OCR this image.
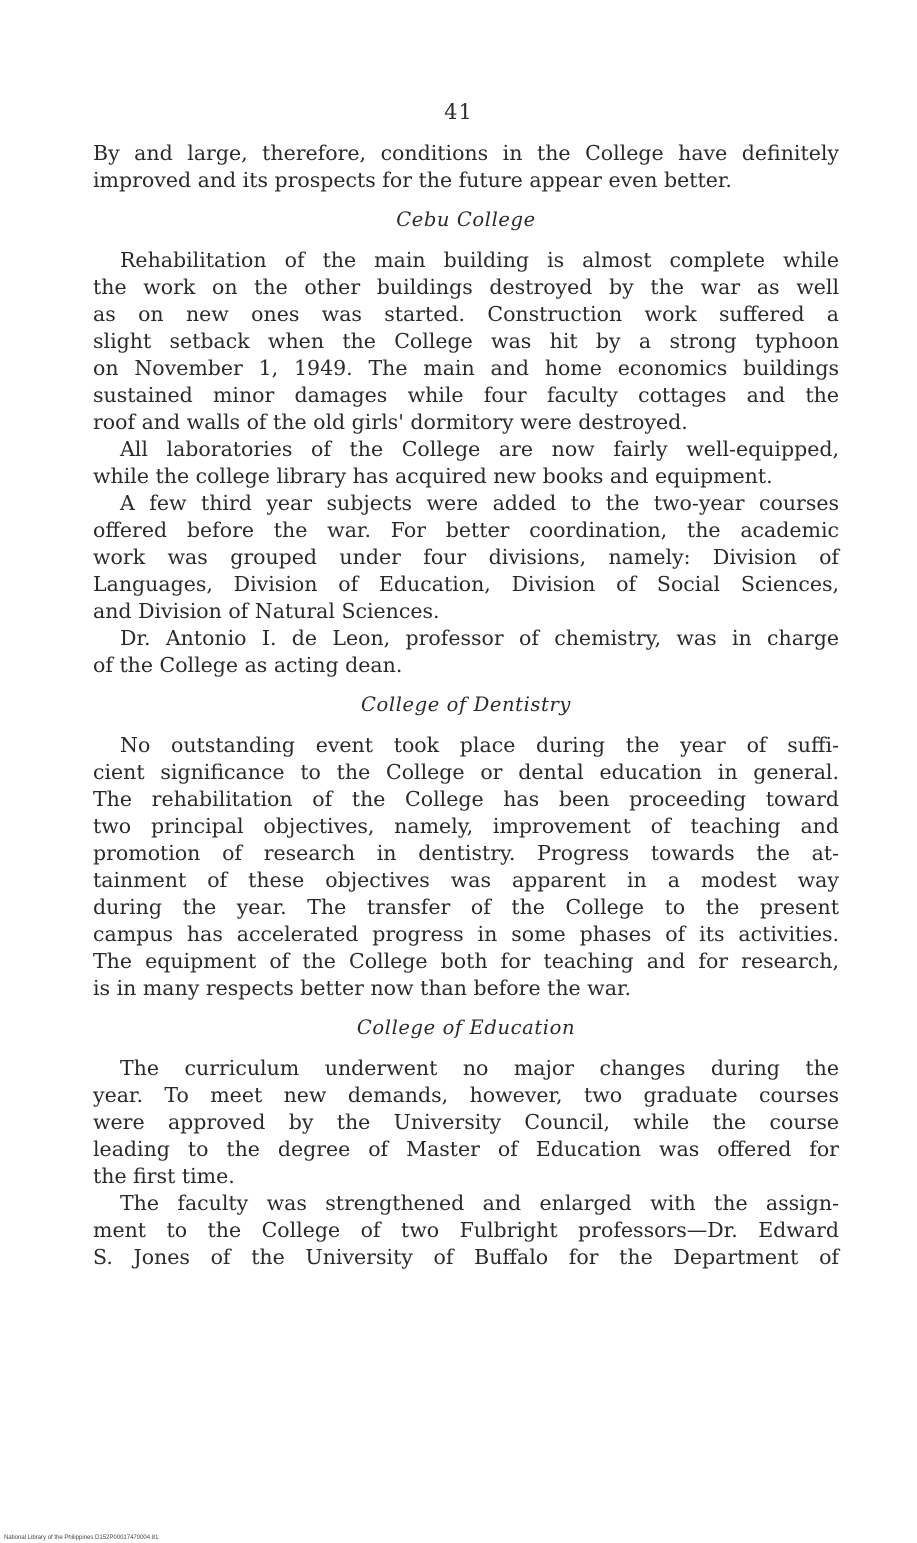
41
By and large, therefore, conditions in the College have definitely
improved and its prospects for the future appear even better.
Cebu College
Rehabilitation of the main building is almost complete while
the work on the other buildings destroyed by the war as well
as on new ones was started. Construction work suffered a
slight setback when the College was hit by a strong typhoon
on November 1, 1949. The main and home economics buildings
sustained minor damages while four faculty cottages and the
roof and walls of the old girls' dormitory were destroyed.
All laboratories of the College are now fairly well-equipped,
while the college library has acquired new books and equipment.
A few third year subjects were added to the two-year courses
offered before the war. For better coordination, the academic
work was grouped under four divisions, namely: Division of
Languages, Division of Education, Division of Social Sciences,
and Division of Natural Sciences.
Dr. Antonio I. de Leon, professor of chemistry, was in charge
of the College as acting dean.
College of Dentistry
No outstanding event took place during the year of suffi-
cient significance to the College or dental education in general.
The rehabilitation of the College has been proceeding toward
two principal objectives, namely, improvement of teaching and
promotion of research in dentistry. Progress towards the at-
tainment of these objectives was apparent in a modest way
during the year. The transfer of the College to the present
campus has accelerated progress in some phases of its activities.
The equipment of the College both for teaching and for research,
is in many respects better now than before the war.
College of Education
The curriculum underwent no major changes during the
year. To meet new demands, however, two graduate courses
were approved by the University Council, while the course
leading to the degree of Master of Education was offered for
the first time.
The faculty was strengthened and enlarged with the assign-
ment to the College of two Fulbright professors—Dr. Edward
S. Jones of the University of Buffalo for the Department of
National Library of the Philippines D152P00017470004 81
